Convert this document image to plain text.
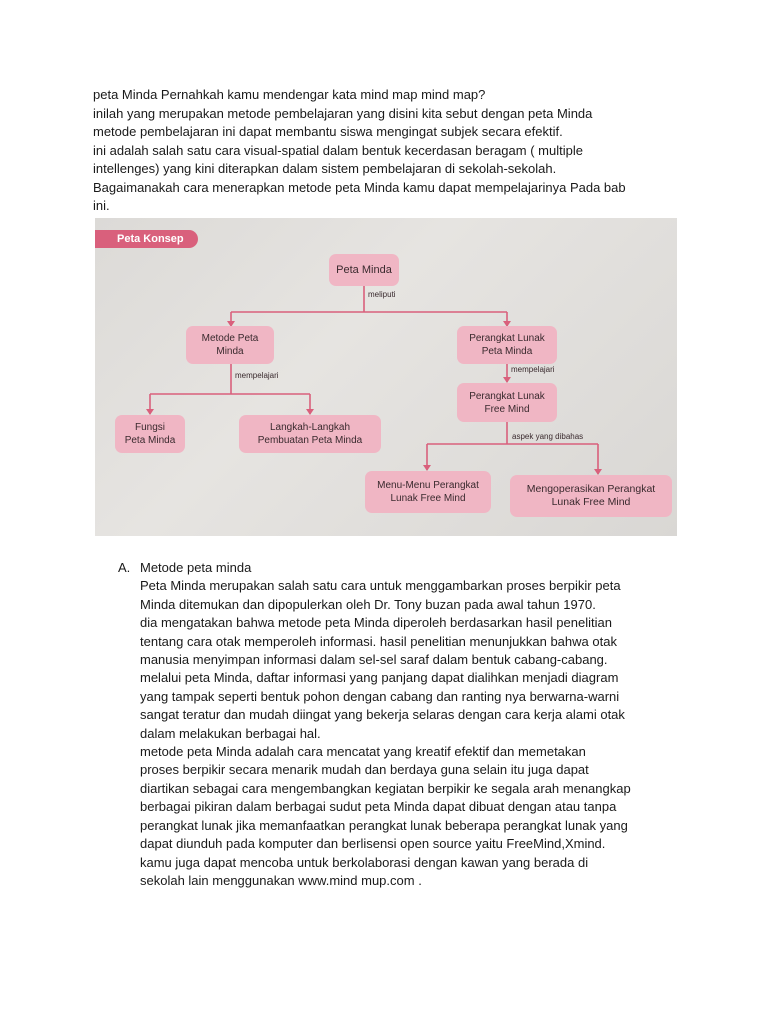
peta Minda Pernahkah kamu mendengar kata mind map mind map?

inilah yang merupakan metode pembelajaran yang disini kita sebut dengan peta Minda

metode pembelajaran ini dapat membantu siswa mengingat subjek secara efektif.

ini adalah salah satu cara visual-spatial dalam bentuk kecerdasan beragam ( multiple

intellenges) yang kini diterapkan dalam sistem pembelajaran di sekolah-sekolah.

Bagaimanakah cara menerapkan metode peta Minda kamu dapat mempelajarinya Pada bab

ini.

Peta Konsep
Peta Minda
meliputi
Metode Peta
Minda
Perangkat Lunak
Peta Minda
mempelajari
mempelajari
Fungsi
Peta Minda
Langkah-Langkah
Pembuatan Peta Minda
Perangkat Lunak
Free Mind
aspek yang dibahas
Menu-Menu Perangkat
Lunak Free Mind
Mengoperasikan Perangkat
Lunak Free Mind
A. Metode peta minda

Peta Minda merupakan salah satu cara untuk menggambarkan proses berpikir peta

Minda ditemukan dan dipopulerkan oleh Dr. Tony buzan pada awal tahun 1970.

dia mengatakan bahwa metode peta Minda diperoleh berdasarkan hasil penelitian

tentang cara otak memperoleh informasi. hasil penelitian menunjukkan bahwa otak

manusia menyimpan informasi dalam sel-sel saraf dalam bentuk cabang-cabang.

melalui peta Minda, daftar informasi yang panjang dapat dialihkan menjadi diagram

yang tampak seperti bentuk pohon dengan cabang dan ranting nya berwarna-warni

sangat teratur dan mudah diingat yang bekerja selaras dengan cara kerja alami otak

dalam melakukan berbagai hal.

metode peta Minda adalah cara mencatat yang kreatif efektif dan memetakan

proses berpikir secara menarik mudah dan berdaya guna selain itu juga dapat

diartikan sebagai cara mengembangkan kegiatan berpikir ke segala arah menangkap

berbagai pikiran dalam berbagai sudut peta Minda dapat dibuat dengan atau tanpa

perangkat lunak jika memanfaatkan perangkat lunak beberapa perangkat lunak yang

dapat diunduh pada komputer dan berlisensi open source yaitu FreeMind,Xmind.

kamu juga dapat mencoba untuk berkolaborasi dengan kawan yang berada di

sekolah lain menggunakan www.mind mup.com .
